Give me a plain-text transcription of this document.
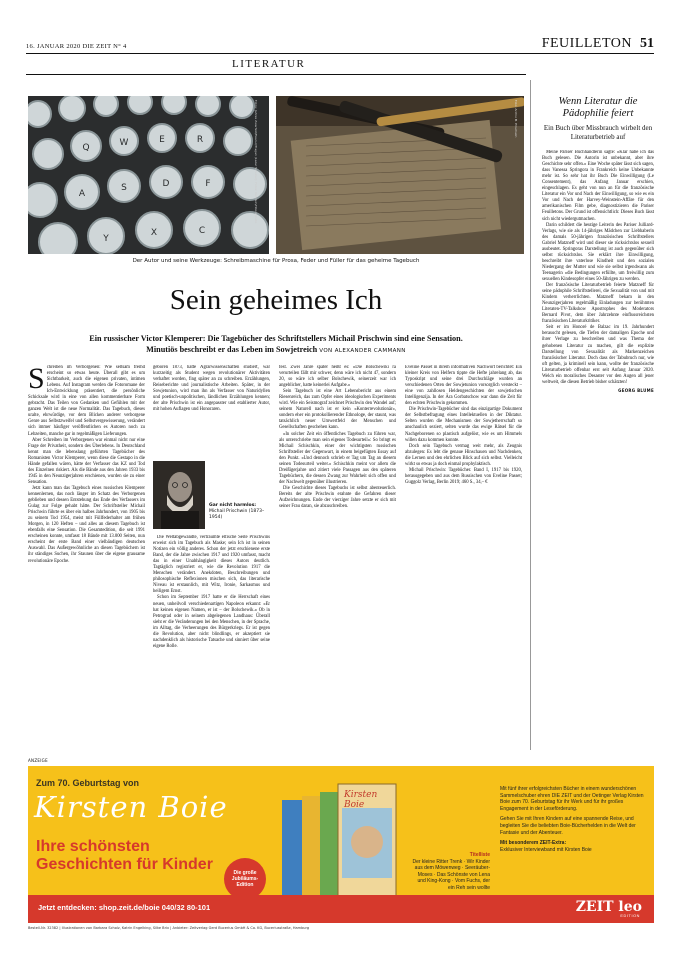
16. JANUAR 2020 DIE ZEIT N° 4	FEUILLETON 51
LITERATUR
Q	W	E	R
A
S	D	F
Y
X	C
Fotos: Jahres Zwarfeld/Peanut/Tiagan (Lazar Schuller); Fotos: Kehrlein/iStockphoto	Foto: Archiv M. Prischwin
Der Autor und seine Werkzeuge: Schreibmaschine für Prosa, Feder und Füller für das geheime Tagebuch
Sein geheimes Ich
Ein russischer Victor Klemperer: Die Tagebücher des Schriftstellers Michail Prischwin sind eine Sensation. Minutiös beschreibt er das Leben im Sowjetreich VON ALEXANDER CAMMANN
S chreiben im Verborgenen: Wie seltsam fremd erscheint so etwas heute. Überall gibt es um Sichtbarkeit, auch die eigenen privaten, intimen Lebens. Auf Instagram werden die Fotoromane der Ich-Entwicklung präsentiert, die persönliche Schicksale wird in eine von allen kommentierbare Form gebracht. Das Teilen von Gedanken und Gefühlen mit der ganzen Welt ist die neue Normalität. Das Tagebuch, dieses uralte, ehrwürdige, vor dem Blicken anderer verborgene Genre aus Selbstzweifel und Selbstvergewisserung, verändert sich immer häufiger veröffentlichen es Autoren noch zu Lebzeiten, manche gar in regelmäßigen Lieferungen.

Aber Schreiben im Verborgenen war einmal nicht nur eine Frage der Privatheit, sondern des Überlebens. In Deutschland kennt man die lebenslang geführten Tagebücher des Romanisten Victor Klemperer, wenn diese die Gestapo in die Hände gefallen wären, hätte der Verfasser das KZ und Tod des Einzelnen riskiert. Als die Bände aus den Jahren 1933 bis 1945 in den Neunzigerjahren erschienen, wurden sie zu einer Sensation.

Jetzt kann man das Tagebuch eines russischen Klemperer kennenlernen, das noch länger im Schatz des Verborgenen geblieben und dessen Entstehung das Ende des Verfassers im Gulag zur Folge gehabt hätte. Der Schriftsteller Michail Prischwin führte es über ein halbes Jahrhundert, von 1905 bis zu seinem Tod 1954, meist mit Füllfederhalter am frühen Morgen, in 120 Heften – und alles an diesem Tagebuch ist ebenfalls eine Sensation. Die Gesamtedition, die seit 1991 erscheinen konnte, umfasst 18 Bände mit 13.000 Seiten, nun erscheint der erste Band einer vielbändigen deutschen Auswahl. Das Außergewöhnliche an diesen Tagebüchern ist ihr ständiges Suchen, ihr Staunen über die eigene grausame revolutionäre Epoche.

geboren 1873, hatte Agrarwissenschaften studiert, war kurzzeitig als Student wegen revolutionärer Aktivitäten verhaftet worden, fing später an zu schreiben. Erzählungen, Reiseberichte und journalistische Arbeiten. Später, in der Sowjetunion, wird man ihn als Verfasser von Naturidyllen und poetisch-unpolitischen, ländlichen Erzählungen kennen; der alte Prischwin ist ein angepasster und etablierter Autor, mit hohen Auflagen und Honoraren.

Gar nicht harmlos:
Michail Prischwin (1873–1954)

Die Weltabgewandte, verträumte elfische Seite Prischwins erweist sich im Tagebuch als Maske; sein Ich ist in seinen Notizen ein völlig anderes. Schon der jetzt erschienene erste Band, der die Jahre zwischen 1917 und 1920 umfasst, macht das in einer Unabhängigkeit dieses Autors deutlich. Tagtäglich registriert er, wie die Revolution 1917 die Menschen verändert. Anekdoten, Beschreibungen und philosophische Reflexionen mischen sich, das literarische Niveau ist erstaunlich, mit Witz, Ironie, Sarkasmus und heiligem Ernst.

Schon im September 1917 hatte er die Herrschaft eines neuen, unheilvoll verschiedenartigen Napoleon erkannt: «Er hat keinen eigenen Namen, er ist – der Bolschewik.» Ob in Petrograd oder in seinem abgelegenen Landhaus: Überall sieht er die Veränderungen bei den Menschen, in der Sprache, im Alltag, die Verheerungen des Bürgerkriegs. Er ist gegen die Revolution, aber nicht blindlings, er akzeptiert sie nachdenklich als historische Tatsache und sinniert über seine eigene Rolle.

fest. Zwei Jahre später heißt es: «Die Bolschewiki ra verurteilen fällt mir schwer, denn wäre ich nicht 47, sondern 20, so wäre ich selber Bolschewik, seinerzeit war ich angeblicher, hatte keinerlei Aufgabe.»

Sein Tagebuch ist eine Art Lebensbericht aus einem Riesenreich, das zum Opfer eines ideologischen Experiments wird. Wie ein Seismograf zeichnet Prischwin den Wandel auf; seinem Naturell nach ist er kein «Konterrevolutionär», sondern eher ein protokollierender Ethnologe, der staunt, was tatsächlich neuer Umwertfeld der Menschen und Gesellschaften geschehen kann.

«In solcher Zeit ein öffentliches Tagebuch zu führen war, als unterschriebe man sein eigenes Todesurteil»: So bringt es Michail Schischkin, einer der wichtigsten russischen Schriftsteller der Gegenwart, in einem beigefügten Essay auf den Punkt. «Und dennoch schrieb er Tag um Tag an diesem seinen Todesurteil weiter.» Schischkin meint vor allem die Dreißigerjahre und zitiert viele Passagen aus den späteren Tagebüchern, die dessen Zwang zur Wahrheit sich offen und der Nachwelt gegenüber illustrieren.

Die Geschichte dieses Tagebuchs ist selbst abenteuerlich. Bereits der alte Prischwin erahnte die Gefahren dieser Aufzeichnungen. Ende der vierziger Jahre setzte er sich mit seiner Frau daran, sie abzuschreiben.

Eveline Passet in ihrem informativen Nachwort berichtet: Ein kleiner Kreis von Helfern tippte die Hefte jahrelang ab, das Typoskript und seine drei Durchschläge wurden an verschiedenen Orten der Sowjetunion vorsorglich versteckt – eine von zahllosen Heldengeschichten der sowjetischen Intelligenzija. In der Ära Gorbatschow war dann die Zeit für den echten Prischwin gekommen.

Die Prischwin-Tagebücher sind das einzigartige Dokument der Selbstbefragung eines Intellektuellen in der Diktatur. Selten wurden die Mechanismen der Sowjetherrschaft so anschaulich seziert, selten wurde das ewige Rätsel für die Nachgeborenen so plastisch aufgelöst, wie es um Himmels willen dazu kommen konnte.

Doch sein Tagebuch vermag weit mehr, als Zeugnis abzulegen: Es lebt die genaue Hinschauen und Nachdenken, die Lernen und den ehrlichen Blick auf sich selbst. Vielleicht wirkt so etwas ja doch einmal prophylaktisch.

Michail Prischwin: Tagebücher. Band I, 1917 bis 1920, herausgegeben und aus dem Russischen von Eveline Passet; Guggolz Verlag, Berlin 2019; 460 S., 34,– €

Wenn Literatur die Pädophilie feiert
Ein Buch über Missbrauch wirbelt den Literaturbetrieb auf

Meine Pariser Buchhändlerin sagte: «Klar habe ich das Buch gelesen. Die Autorin ist unbekannt, aber ihre Geschichte sehr offen.» Eine Woche später lässt sich sagen, dass Vanessa Springora in Frankreich keine Unbekannte mehr ist. So sehr hat ihr Buch Die Einwilligung (Le Consentement), das Anfang Januar erschien, eingeschlagen. Es geht von nun an für die französische Literatur ein Vor und Nach der Einwilligung, so wie es ein Vor und Nach der Harvey-Weinstein-Affäre für den amerikanischen Film gebe, diagnostizieren die Pariser Feuilletons. Der Grund ist offensichtlich: Dieses Buch lässt sich nicht wiedergutmachen.

Darin schildert die heutige Leiterin des Pariser Julliard-Verlags, wie sie als 14-jähriges Mädchen zur Liebhaberin des damals 50-jährigen französischen Schriftstellers Gabriel Matzneff wird und dieser sie rücksichtslos sexuell ausbeutet. Springoras Darstellung ist auch gegenüber sich selbst rücksichtslos. Sie erklärt ihre Einwilligung, beschreibt ihre vaterlose Kindheit und den sozialen Niedergang der Mutter und wie sie selbst irgendwann als Teenagerin «die Bedingungen erfüllte, um freiwillig zum sexuellen Kindesopfer eines 50-Jährigen zu werden.

Der französische Literaturbetrieb feierte Matzneff für seine pädophile Schriftstellerei, die Sexualität von und mit Kindern verherrlichten. Matzneff bekam in den Neunzigerjahren regelmäßig Einladungen zur berühmten Literaten-TV-Talkshow Apostrophes des Moderators Bernard Pivot, dem über Jahrzehnte einflussreichsten französischen Literaturkritiker.

Seit er im Honoré de Balzac im 19. Jahrhundert berauscht gelesen, die Tiefen der damaligen Epoche und ihrer Verlage zu beschreiben und was Thema der gehobenen Literatur zu machen, gilt die explizite Darstellung von Sexualität als Markenzeichen französischer Literatur. Doch dass der Tabubruch nur, wie oft gelten, ja kriminell sein kann, wollte der französische Literaturbetrieb offenbar erst seit Anfang Januar 2020. Welch ein moralisches Desaster vor den Augen all jener weltweit, die diesen Betrieb bisher schätzten!

GEORG BLUME
ANZEIGE
Zum 70. Geburtstag von
Kirsten Boie
Ihre schönsten Geschichten für Kinder	Die große Jubiläums-Edition
Kirsten Boie
Titelliste
Der kleine Ritter Trenk · Wir Kinder aus dem Möwenweg · Seeräuber-Moses · Das Schönste von Lena und King-Kong · Vom Fuchs, der ein Reh sein wollte

Mit fünf ihrer erfolgreichsten Bücher in einem wunderschönen Sammelschuber ehren DIE ZEIT und der Oetinger Verlag Kirsten Boie zum 70. Geburtstag für ihr Werk und für ihr großes Engagement in der Leseförderung.

Gehen Sie mit Ihren Kindern auf eine spannende Reise, und begleiten Sie die beliebten Boie-Bücherhelden in die Welt der Fantasie und der Abenteuer.

Mit besonderem ZEIT-Extra:
Exklusiver Interviewband mit Kirsten Boie

Jetzt entdecken: shop.zeit.de/boie 040/32 80-101	ZEIT leo
EDITION
Bestell-Nr. 32382 | Illustrationen von Barbara Scholz, Katrin Engelking, Silke Brix | Anbieter: Zeitverlag Gerd Bucerius GmbH & Co. KG, Buceriusstraße, Hamburg
